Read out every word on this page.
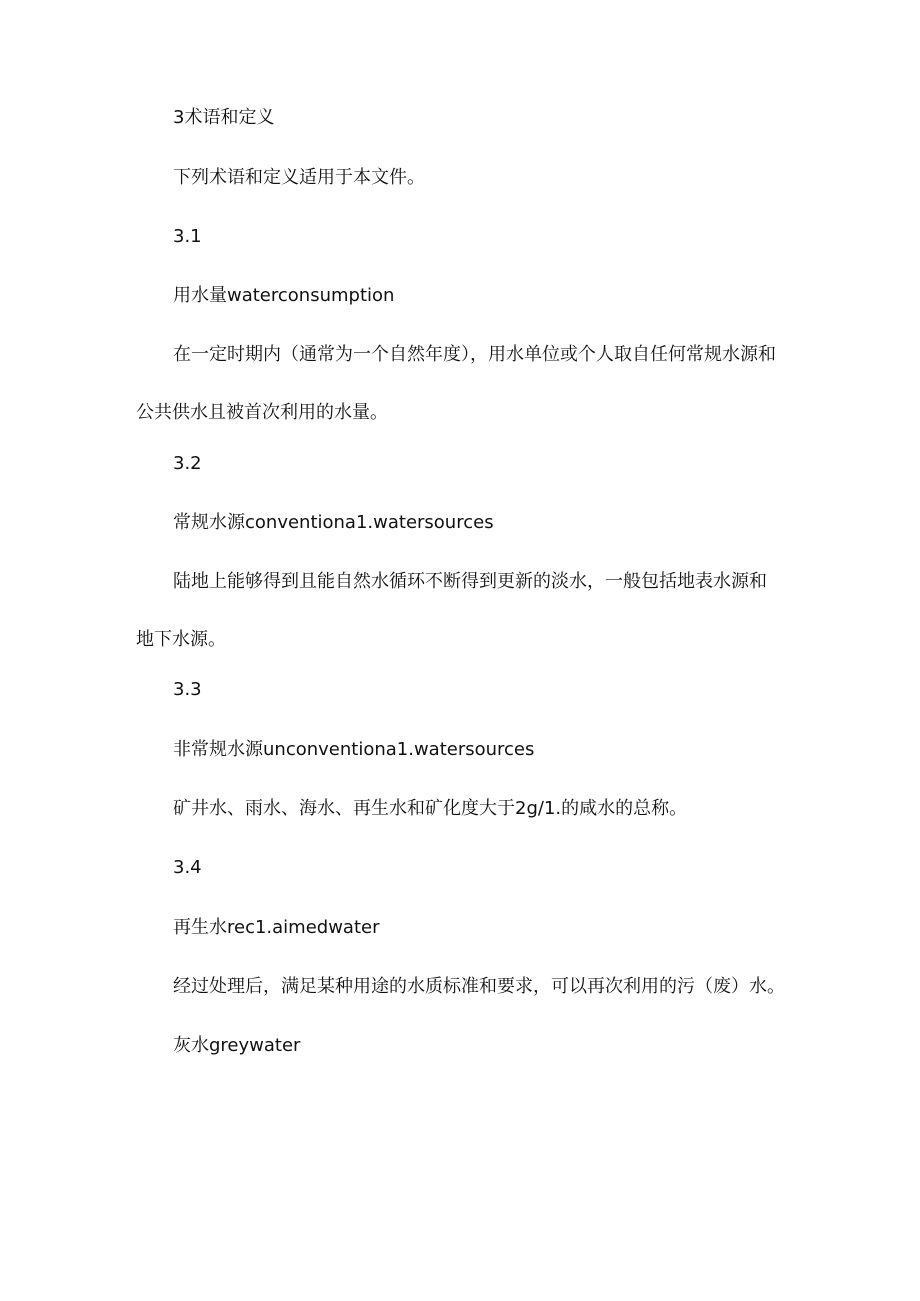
3术语和定义
下列术语和定义适用于本文件。
3.1
用水量waterconsumption
在一定时期内（通常为一个自然年度），用水单位或个人取自任何常规水源和公共供水且被首次利用的水量。
3.2
常规水源conventiona1.watersources
陆地上能够得到且能自然水循环不断得到更新的淡水，一般包括地表水源和地下水源。
3.3
非常规水源unconventiona1.watersources
矿井水、雨水、海水、再生水和矿化度大于2g∕1.的咸水的总称。
3.4
再生水rec1.aimedwater
经过处理后，满足某种用途的水质标准和要求，可以再次利用的污（废）水。
灰水greywater
